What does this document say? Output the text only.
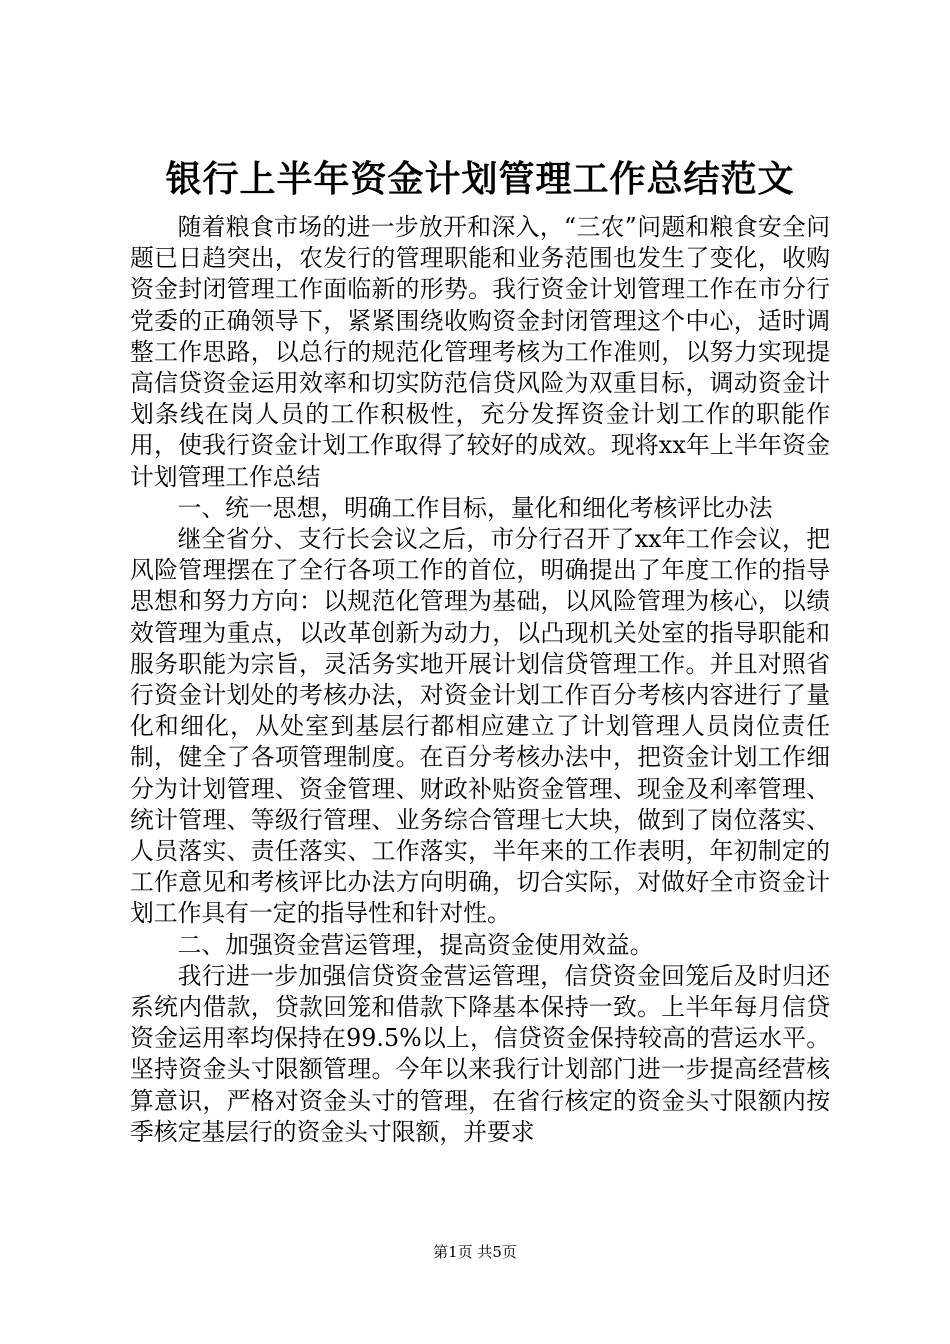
银行上半年资金计划管理工作总结范文

随着粮食市场的进一步放开和深入，“三农”问题和粮食安全问题已日趋突出，农发行的管理职能和业务范围也发生了变化，收购资金封闭管理工作面临新的形势。我行资金计划管理工作在市分行党委的正确领导下，紧紧围绕收购资金封闭管理这个中心，适时调整工作思路，以总行的规范化管理考核为工作准则，以努力实现提高信贷资金运用效率和切实防范信贷风险为双重目标，调动资金计划条线在岗人员的工作积极性，充分发挥资金计划工作的职能作用，使我行资金计划工作取得了较好的成效。现将xx年上半年资金计划管理工作总结

一、统一思想，明确工作目标，量化和细化考核评比办法

继全省分、支行长会议之后，市分行召开了xx年工作会议，把风险管理摆在了全行各项工作的首位，明确提出了年度工作的指导思想和努力方向：以规范化管理为基础，以风险管理为核心，以绩效管理为重点，以改革创新为动力，以凸现机关处室的指导职能和服务职能为宗旨，灵活务实地开展计划信贷管理工作。并且对照省行资金计划处的考核办法，对资金计划工作百分考核内容进行了量化和细化，从处室到基层行都相应建立了计划管理人员岗位责任制，健全了各项管理制度。在百分考核办法中，把资金计划工作细分为计划管理、资金管理、财政补贴资金管理、现金及利率管理、统计管理、等级行管理、业务综合管理七大块，做到了岗位落实、人员落实、责任落实、工作落实，半年来的工作表明，年初制定的工作意见和考核评比办法方向明确，切合实际，对做好全市资金计划工作具有一定的指导性和针对性。

二、加强资金营运管理，提高资金使用效益。

我行进一步加强信贷资金营运管理，信贷资金回笼后及时归还系统内借款，贷款回笼和借款下降基本保持一致。上半年每月信贷资金运用率均保持在99.5%以上，信贷资金保持较高的营运水平。坚持资金头寸限额管理。今年以来我行计划部门进一步提高经营核算意识，严格对资金头寸的管理，在省行核定的资金头寸限额内按季核定基层行的资金头寸限额，并要求

第1页 共5页
